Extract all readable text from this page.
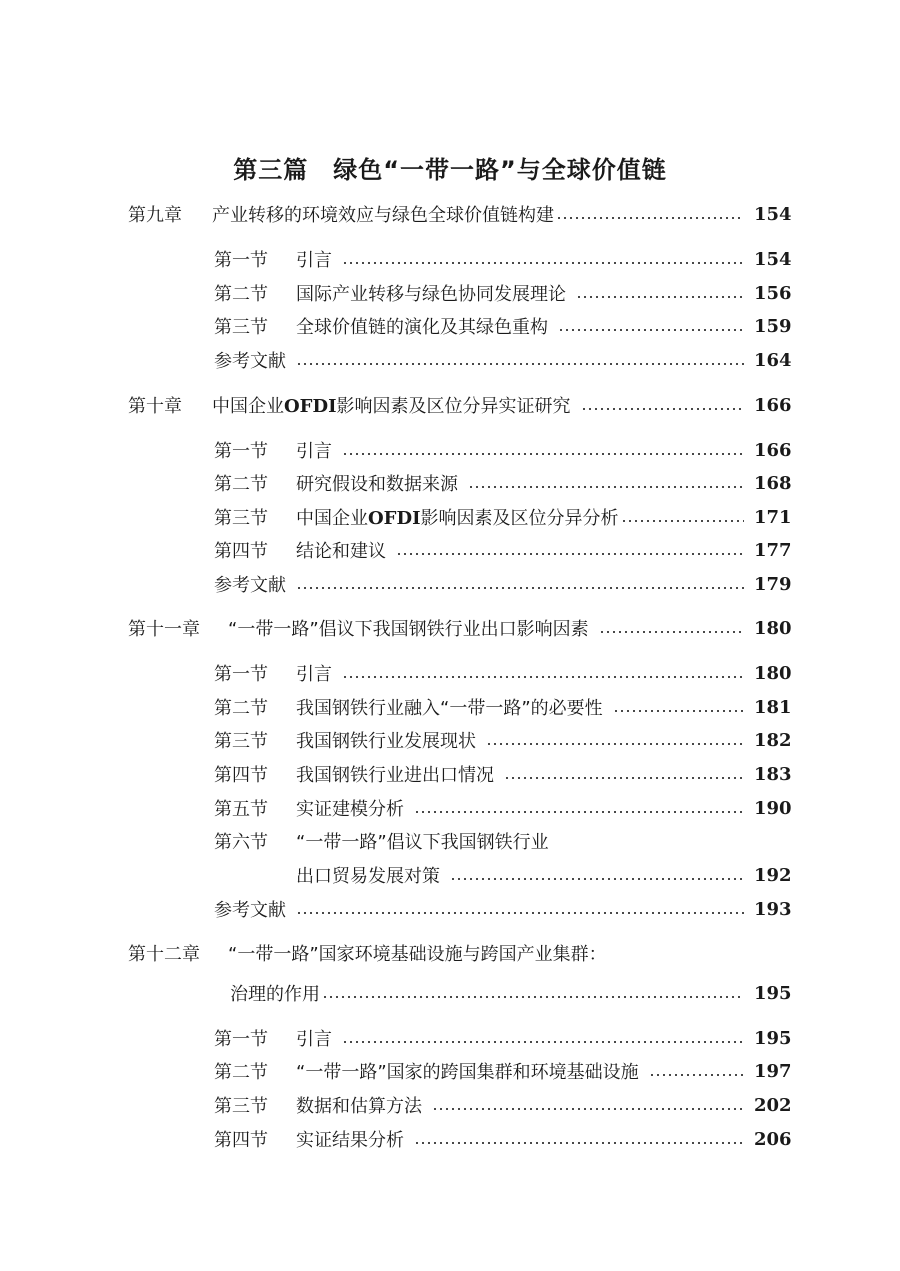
第三篇　绿色“一带一路”与全球价值链
第九章	产业转移的环境效应与绿色全球价值链构建	154
第一节	引言	154
第二节	国际产业转移与绿色协同发展理论	156
第三节	全球价值链的演化及其绿色重构	159
参考文献	164
第十章	中国企业OFDI影响因素及区位分异实证研究	166
第一节	引言	166
第二节	研究假设和数据来源	168
第三节	中国企业OFDI影响因素及区位分异分析	171
第四节	结论和建议	177
参考文献	179
第十一章	“一带一路”倡议下我国钢铁行业出口影响因素	180
第一节	引言	180
第二节	我国钢铁行业融入“一带一路”的必要性	181
第三节	我国钢铁行业发展现状	182
第四节	我国钢铁行业进出口情况	183
第五节	实证建模分析	190
第六节	“一带一路”倡议下我国钢铁行业
出口贸易发展对策	192
参考文献	193
第十二章	“一带一路”国家环境基础设施与跨国产业集群：
治理的作用	195
第一节	引言	195
第二节	“一带一路”国家的跨国集群和环境基础设施	197
第三节	数据和估算方法	202
第四节	实证结果分析	206
